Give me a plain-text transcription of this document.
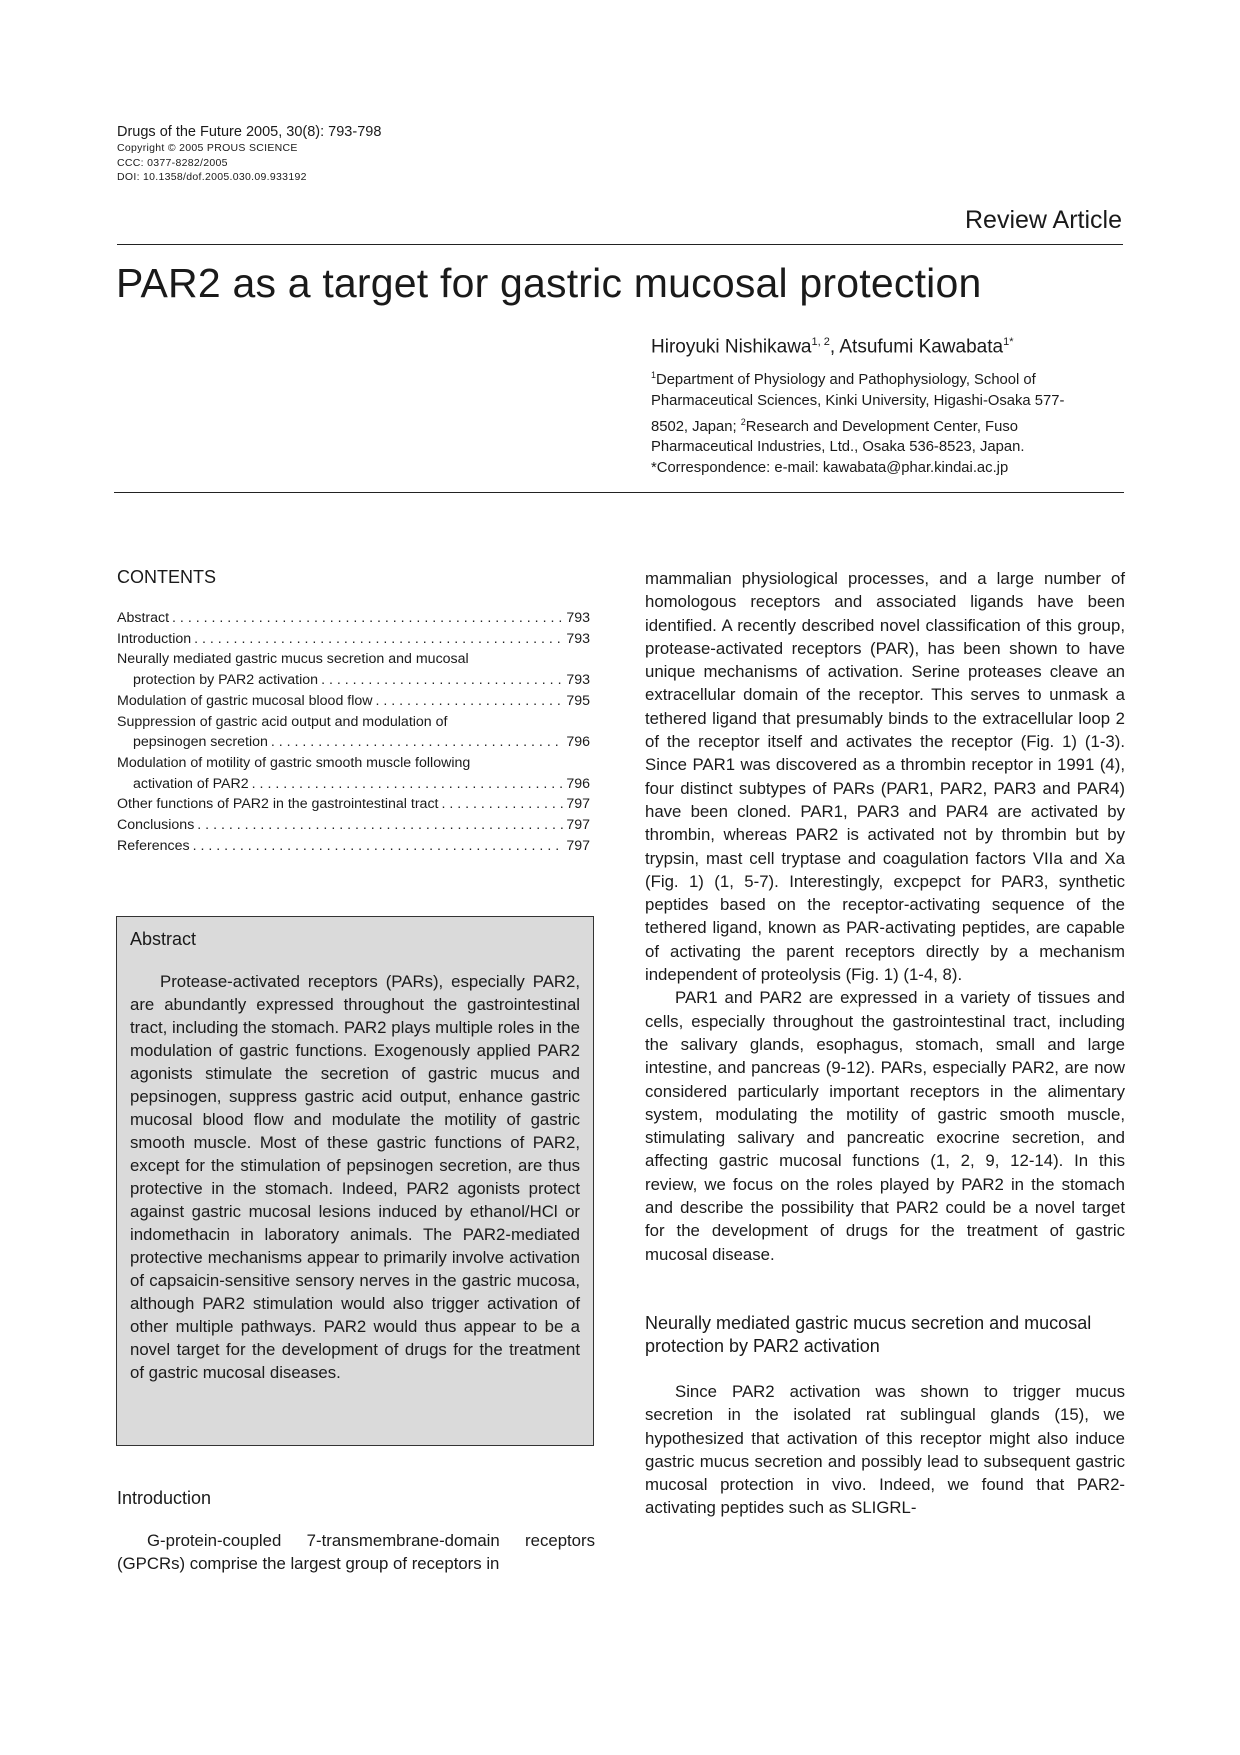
Drugs of the Future 2005, 30(8): 793-798
Copyright © 2005 PROUS SCIENCE
CCC: 0377-8282/2005
DOI: 10.1358/dof.2005.030.09.933192
Review Article
PAR2 as a target for gastric mucosal protection
Hiroyuki Nishikawa$^{1, 2}$, Atsufumi Kawabata$^{1*}$
$^1$Department of Physiology and Pathophysiology, School of
Pharmaceutical Sciences, Kinki University, Higashi-Osaka 577-
8502, Japan; $^2$Research and Development Center, Fuso
Pharmaceutical Industries, Ltd., Osaka 536-8523, Japan.
*Correspondence: e-mail: kawabata@phar.kindai.ac.jp
CONTENTS
Abstract . . .	793
Introduction . . .	793
Neurally mediated gastric mucus secretion and mucosal
protection by PAR2 activation . . .	793
Modulation of gastric mucosal blood flow . . .	795
Suppression of gastric acid output and modulation of
pepsinogen secretion . . .	796
Modulation of motility of gastric smooth muscle following
activation of PAR2 . . .	796
Other functions of PAR2 in the gastrointestinal tract . . .	797
Conclusions . . .	797
References . . .	797
Abstract

Protease-activated receptors (PARs), especially PAR2, are abundantly expressed throughout the gastrointestinal tract, including the stomach. PAR2 plays multiple roles in the modulation of gastric functions. Exogenously applied PAR2 agonists stimulate the secretion of gastric mucus and pepsinogen, suppress gastric acid output, enhance gastric mucosal blood flow and modulate the motility of gastric smooth muscle. Most of these gastric functions of PAR2, except for the stimulation of pepsinogen secretion, are thus protective in the stomach. Indeed, PAR2 agonists protect against gastric mucosal lesions induced by ethanol/HCl or indomethacin in laboratory animals. The PAR2-mediated protective mechanisms appear to primarily involve activation of capsaicin-sensitive sensory nerves in the gastric mucosa, although PAR2 stimulation would also trigger activation of other multiple pathways. PAR2 would thus appear to be a novel target for the development of drugs for the treatment of gastric mucosal diseases.

Introduction

G-protein-coupled 7-transmembrane-domain receptors (GPCRs) comprise the largest group of receptors in

mammalian physiological processes, and a large number of homologous receptors and associated ligands have been identified. A recently described novel classification of this group, protease-activated receptors (PAR), has been shown to have unique mechanisms of activation. Serine proteases cleave an extracellular domain of the receptor. This serves to unmask a tethered ligand that presumably binds to the extracellular loop 2 of the receptor itself and activates the receptor (Fig. 1) (1-3). Since PAR1 was discovered as a thrombin receptor in 1991 (4), four distinct subtypes of PARs (PAR1, PAR2, PAR3 and PAR4) have been cloned. PAR1, PAR3 and PAR4 are activated by thrombin, whereas PAR2 is activated not by thrombin but by trypsin, mast cell tryptase and coagulation factors VIIa and Xa (Fig. 1) (1, 5-7). Interestingly, excpepct for PAR3, synthetic peptides based on the receptor-activating sequence of the tethered ligand, known as PAR-activating peptides, are capable of activating the parent receptors directly by a mechanism independent of proteolysis (Fig. 1) (1-4, 8).

PAR1 and PAR2 are expressed in a variety of tissues and cells, especially throughout the gastrointestinal tract, including the salivary glands, esophagus, stomach, small and large intestine, and pancreas (9-12). PARs, especially PAR2, are now considered particularly important receptors in the alimentary system, modulating the motility of gastric smooth muscle, stimulating salivary and pancreatic exocrine secretion, and affecting gastric mucosal functions (1, 2, 9, 12-14). In this review, we focus on the roles played by PAR2 in the stomach and describe the possibility that PAR2 could be a novel target for the development of drugs for the treatment of gastric mucosal disease.

Neurally mediated gastric mucus secretion and mucosal protection by PAR2 activation

Since PAR2 activation was shown to trigger mucus secretion in the isolated rat sublingual glands (15), we hypothesized that activation of this receptor might also induce gastric mucus secretion and possibly lead to subsequent gastric mucosal protection in vivo. Indeed, we found that PAR2-activating peptides such as SLIGRL-
